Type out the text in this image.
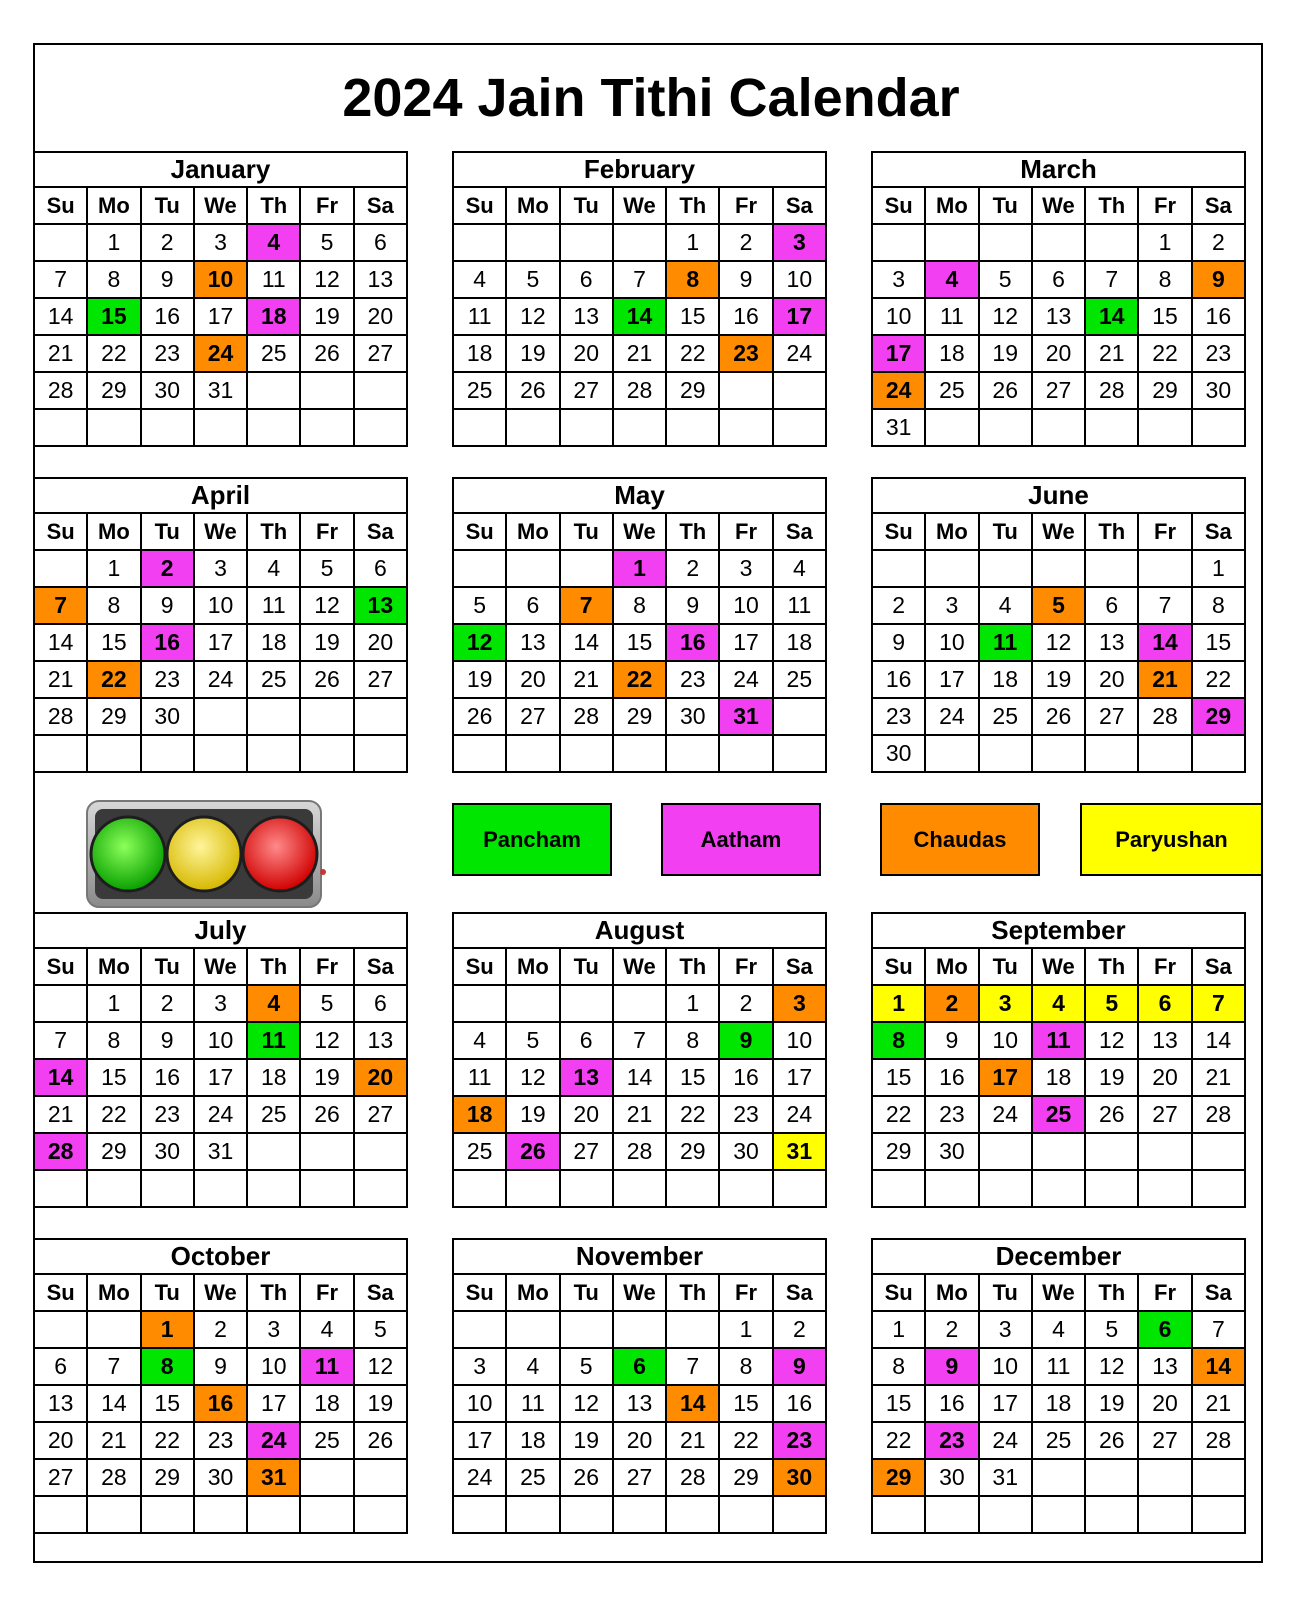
2024 Jain Tithi Calendar
January						
Su	Mo	Tu	We	Th	Fr	Sa
	1	2	3	4	5	6
7	8	9	10	11	12	13
14	15	16	17	18	19	20
21	22	23	24	25	26	27
28	29	30	31			

February						
Su	Mo	Tu	We	Th	Fr	Sa
				1	2	3
4	5	6	7	8	9	10
11	12	13	14	15	16	17
18	19	20	21	22	23	24
25	26	27	28	29		

March						
Su	Mo	Tu	We	Th	Fr	Sa
					1	2
3	4	5	6	7	8	9
10	11	12	13	14	15	16
17	18	19	20	21	22	23
24	25	26	27	28	29	30
31						
April						
Su	Mo	Tu	We	Th	Fr	Sa
	1	2	3	4	5	6
7	8	9	10	11	12	13
14	15	16	17	18	19	20
21	22	23	24	25	26	27
28	29	30				

May						
Su	Mo	Tu	We	Th	Fr	Sa
			1	2	3	4
5	6	7	8	9	10	11
12	13	14	15	16	17	18
19	20	21	22	23	24	25
26	27	28	29	30	31	

June						
Su	Mo	Tu	We	Th	Fr	Sa
						1
2	3	4	5	6	7	8
9	10	11	12	13	14	15
16	17	18	19	20	21	22
23	24	25	26	27	28	29
30						
July						
Su	Mo	Tu	We	Th	Fr	Sa
	1	2	3	4	5	6
7	8	9	10	11	12	13
14	15	16	17	18	19	20
21	22	23	24	25	26	27
28	29	30	31			

August						
Su	Mo	Tu	We	Th	Fr	Sa
				1	2	3
4	5	6	7	8	9	10
11	12	13	14	15	16	17
18	19	20	21	22	23	24
25	26	27	28	29	30	31

September						
Su	Mo	Tu	We	Th	Fr	Sa
1	2	3	4	5	6	7
8	9	10	11	12	13	14
15	16	17	18	19	20	21
22	23	24	25	26	27	28
29	30					

October						
Su	Mo	Tu	We	Th	Fr	Sa
		1	2	3	4	5
6	7	8	9	10	11	12
13	14	15	16	17	18	19
20	21	22	23	24	25	26
27	28	29	30	31		

November						
Su	Mo	Tu	We	Th	Fr	Sa
					1	2
3	4	5	6	7	8	9
10	11	12	13	14	15	16
17	18	19	20	21	22	23
24	25	26	27	28	29	30

December						
Su	Mo	Tu	We	Th	Fr	Sa
1	2	3	4	5	6	7
8	9	10	11	12	13	14
15	16	17	18	19	20	21
22	23	24	25	26	27	28
29	30	31				

Pancham	Aatham	Chaudas	Paryushan
